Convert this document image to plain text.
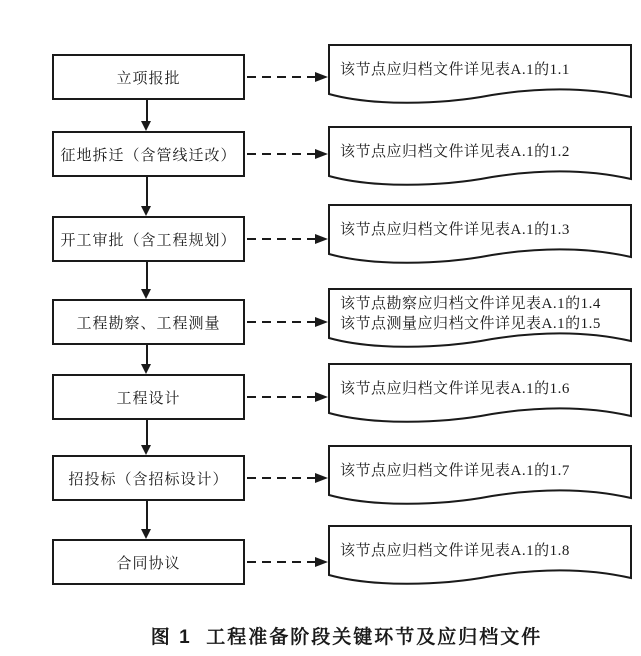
立项报批
该节点应归档文件详见表A.1的1.1
征地拆迁（含管线迁改）	该节点应归档文件详见表A.1的1.2
开工审批（含工程规划）
该节点应归档文件详见表A.1的1.3
工程勘察、工程测量
该节点勘察应归档文件详见表A.1的1.4
该节点测量应归档文件详见表A.1的1.5
工程设计
该节点应归档文件详见表A.1的1.6
招投标（含招标设计）
该节点应归档文件详见表A.1的1.7
合同协议
该节点应归档文件详见表A.1的1.8
图 1  工程准备阶段关键环节及应归档文件
